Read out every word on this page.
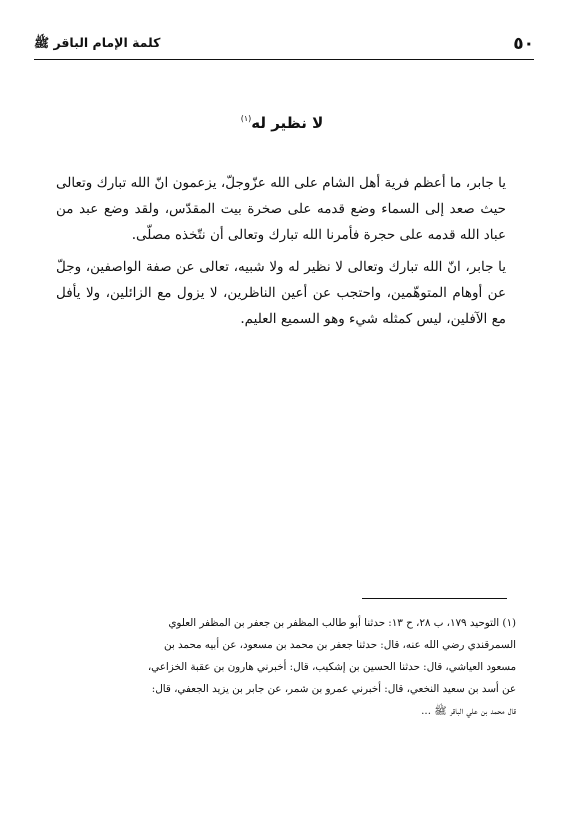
٥٠
كلمة الإمام الباقر ﷺ
لا نظير له$^{(١)}$

يا جابر، ما أعظم فرية أهل الشام على الله عزّوجلّ، يزعمون انّ الله تبارك وتعالى حيث صعد إلى السماء وضع قدمه على صخرة بيت المقدّس، ولقد وضع عبد من عباد الله قدمه على حجرة فأمرنا الله تبارك وتعالى أن نتّخذه مصلّى.

يا جابر، انّ الله تبارك وتعالى لا نظير له ولا شبيه، تعالى عن صفة الواصفين، وجلّ عن أوهام المتوهّمين، واحتجب عن أعين الناظرين، لا يزول مع الزائلين، ولا يأفل مع الآفلين، ليس كمثله شيء وهو السميع العليم.

(١) التوحيد ١٧٩، ب ٢٨، ح ١٣: حدثنا أبو طالب المظفر بن جعفر بن المظفر العلوي
السمرقندي رضي الله عنه، قال: حدثنا جعفر بن محمد بن مسعود، عن أبيه محمد بن
مسعود العياشي، قال: حدثنا الحسين بن إشكيب، قال: أخبرني هارون بن عقبة الخزاعي،
عن أسد بن سعيد النخعي، قال: أخبرني عمرو بن شمر، عن جابر بن يزيد الجعفي، قال:
قال محمد بن علي الباقر ﷺ ...
